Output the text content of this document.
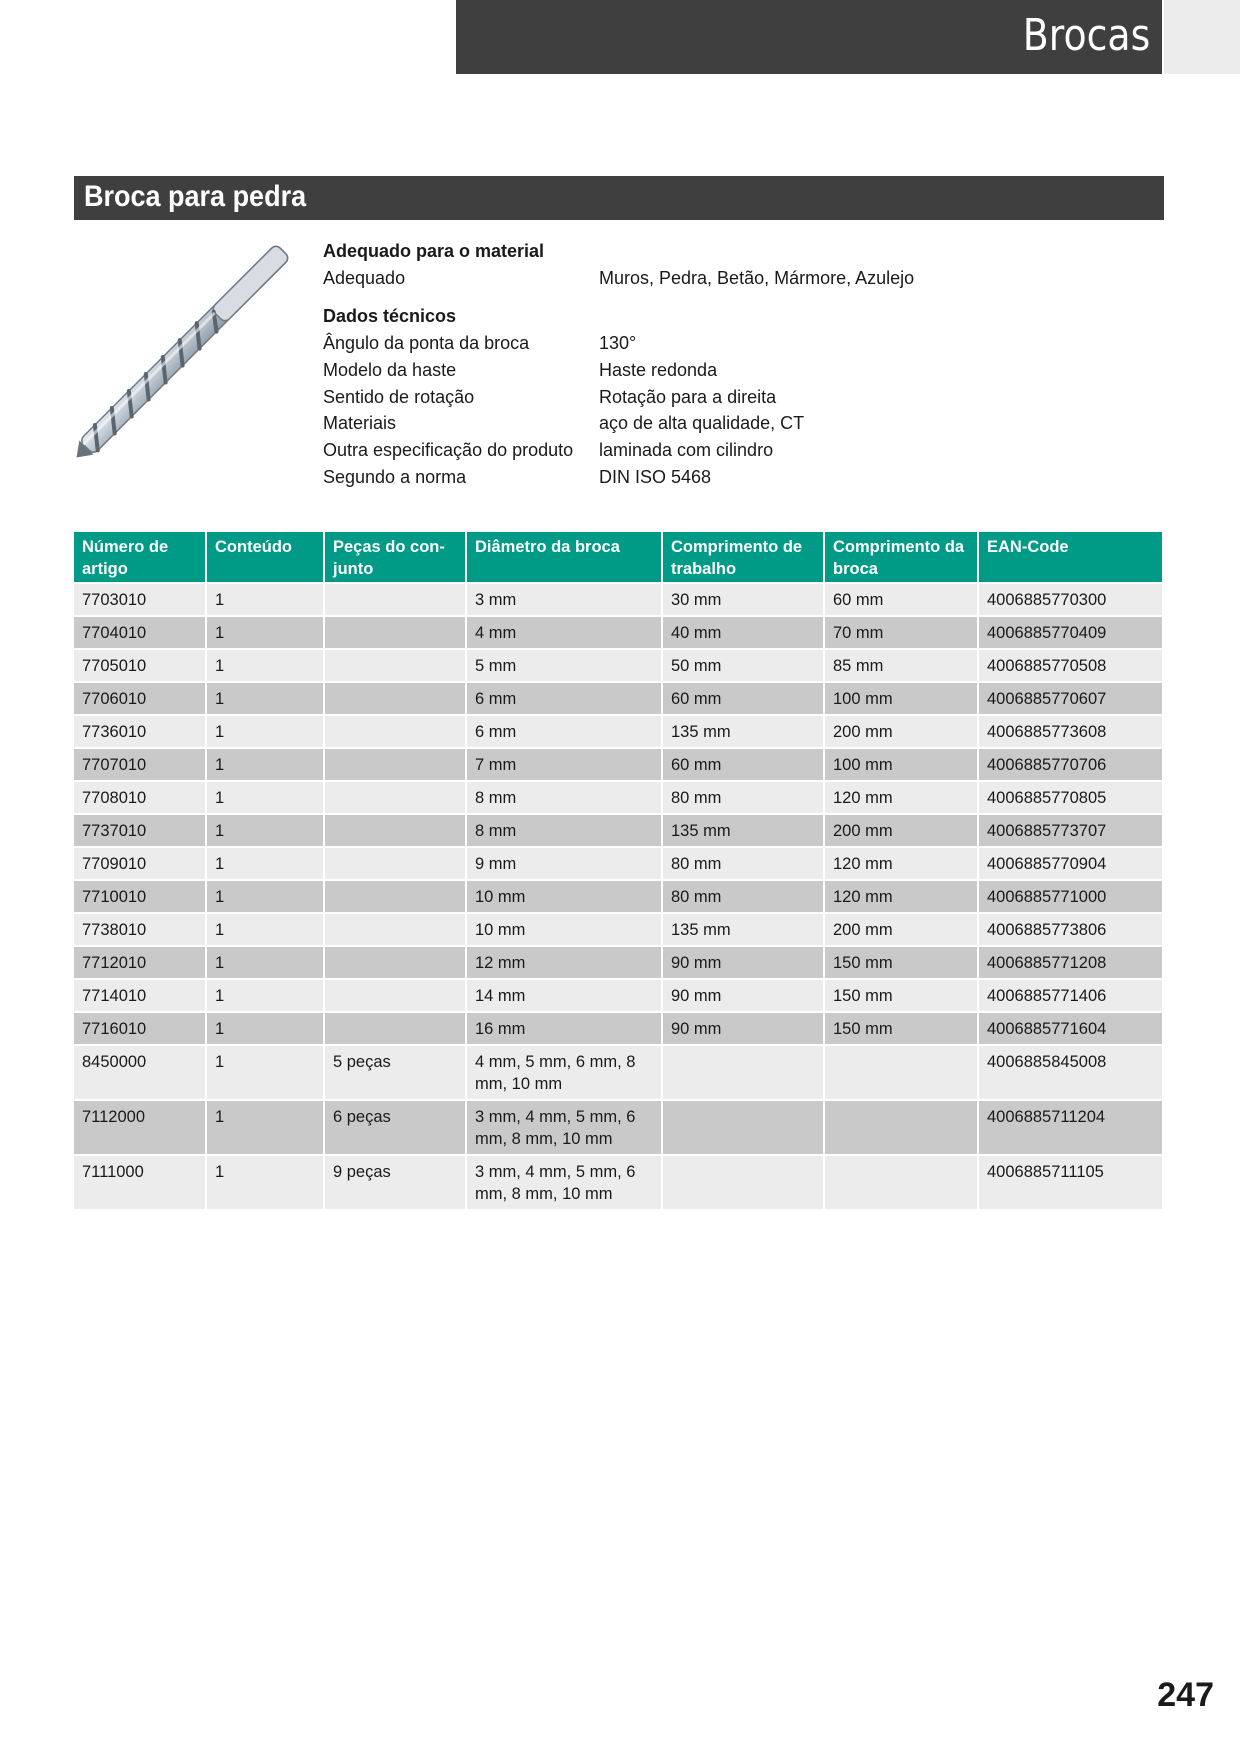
Brocas
Broca para pedra
Adequado para o material
Adequado	Muros, Pedra, Betão, Mármore, Azulejo
Dados técnicos
Ângulo da ponta da broca	130°
Modelo da haste	Haste redonda
Sentido de rotação	Rotação para a direita
Materiais	aço de alta qualidade, CT
Outra especificação do produto	laminada com cilindro
Segundo a norma	DIN ISO 5468
Número de artigo	Conteúdo	Peças do con-junto	Diâmetro da broca	Comprimento de trabalho	Comprimento da broca	EAN-Code
7703010	1		3 mm	30 mm	60 mm	4006885770300
7704010	1		4 mm	40 mm	70 mm	4006885770409
7705010	1		5 mm	50 mm	85 mm	4006885770508
7706010	1		6 mm	60 mm	100 mm	4006885770607
7736010	1		6 mm	135 mm	200 mm	4006885773608
7707010	1		7 mm	60 mm	100 mm	4006885770706
7708010	1		8 mm	80 mm	120 mm	4006885770805
7737010	1		8 mm	135 mm	200 mm	4006885773707
7709010	1		9 mm	80 mm	120 mm	4006885770904
7710010	1		10 mm	80 mm	120 mm	4006885771000
7738010	1		10 mm	135 mm	200 mm	4006885773806
7712010	1		12 mm	90 mm	150 mm	4006885771208
7714010	1		14 mm	90 mm	150 mm	4006885771406
7716010	1		16 mm	90 mm	150 mm	4006885771604
8450000	1	5 peças	4 mm, 5 mm, 6 mm, 8 mm, 10 mm			4006885845008
7112000	1	6 peças	3 mm, 4 mm, 5 mm, 6 mm, 8 mm, 10 mm			4006885711204
7111000	1	9 peças	3 mm, 4 mm, 5 mm, 6 mm, 8 mm, 10 mm			4006885711105
247
